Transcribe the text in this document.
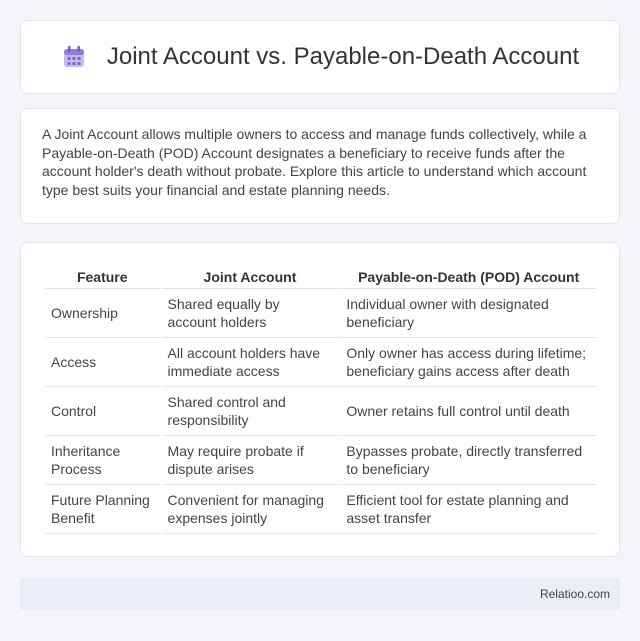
Joint Account vs. Payable-on-Death Account

A Joint Account allows multiple owners to access and manage funds collectively, while a Payable-on-Death (POD) Account designates a beneficiary to receive funds after the account holder's death without probate. Explore this article to understand which account type best suits your financial and estate planning needs.

Feature	Joint Account	Payable-on-Death (POD) Account
Ownership	Shared equally by account holders	Individual owner with designated beneficiary
Access	All account holders have immediate access	Only owner has access during lifetime; beneficiary gains access after death
Control	Shared control and responsibility	Owner retains full control until death
Inheritance Process	May require probate if dispute arises	Bypasses probate, directly transferred to beneficiary
Future Planning Benefit	Convenient for managing expenses jointly	Efficient tool for estate planning and asset transfer
Relatioo.com
